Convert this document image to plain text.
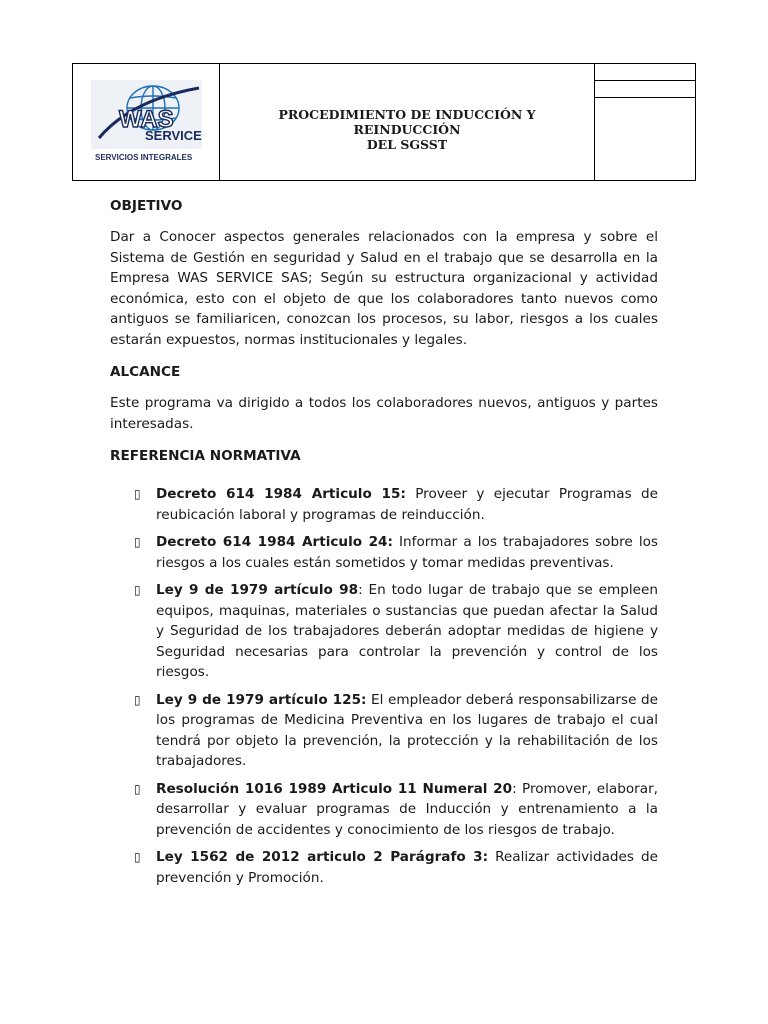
WAS
SERVICE
SERVICIOS INTEGRALES
PROCEDIMIENTO DE INDUCCIÓN Y REINDUCCIÓN
DEL SGSST
OBJETIVO

Dar a Conocer aspectos generales relacionados con la empresa y sobre el Sistema de Gestión en seguridad y Salud en el trabajo que se desarrolla en la Empresa WAS SERVICE SAS; Según su estructura organizacional y actividad económica, esto con el objeto de que los colaboradores tanto nuevos como antiguos se familiaricen, conozcan los procesos, su labor, riesgos a los cuales estarán expuestos, normas institucionales y legales.

ALCANCE

Este programa va dirigido a todos los colaboradores nuevos, antiguos y partes interesadas.

REFERENCIA NORMATIVA
▯ Decreto 614 1984 Articulo 15: Proveer y ejecutar Programas de reubicación laboral y programas de reinducción.
▯ Decreto 614 1984 Articulo 24: Informar a los trabajadores sobre los riesgos a los cuales están sometidos y tomar medidas preventivas.
▯ Ley 9 de 1979 artículo 98: En todo lugar de trabajo que se empleen equipos, maquinas, materiales o sustancias que puedan afectar la Salud y Seguridad de los trabajadores deberán adoptar medidas de higiene y Seguridad necesarias para controlar la prevención y control de los riesgos.
▯ Ley 9 de 1979 artículo 125: El empleador deberá responsabilizarse de los programas de Medicina Preventiva en los lugares de trabajo el cual tendrá por objeto la prevención, la protección y la rehabilitación de los trabajadores.
▯ Resolución 1016 1989 Articulo 11 Numeral 20: Promover, elaborar, desarrollar y evaluar programas de Inducción y entrenamiento a la prevención de accidentes y conocimiento de los riesgos de trabajo.
▯ Ley 1562 de 2012 articulo 2 Parágrafo 3: Realizar actividades de prevención y Promoción.
